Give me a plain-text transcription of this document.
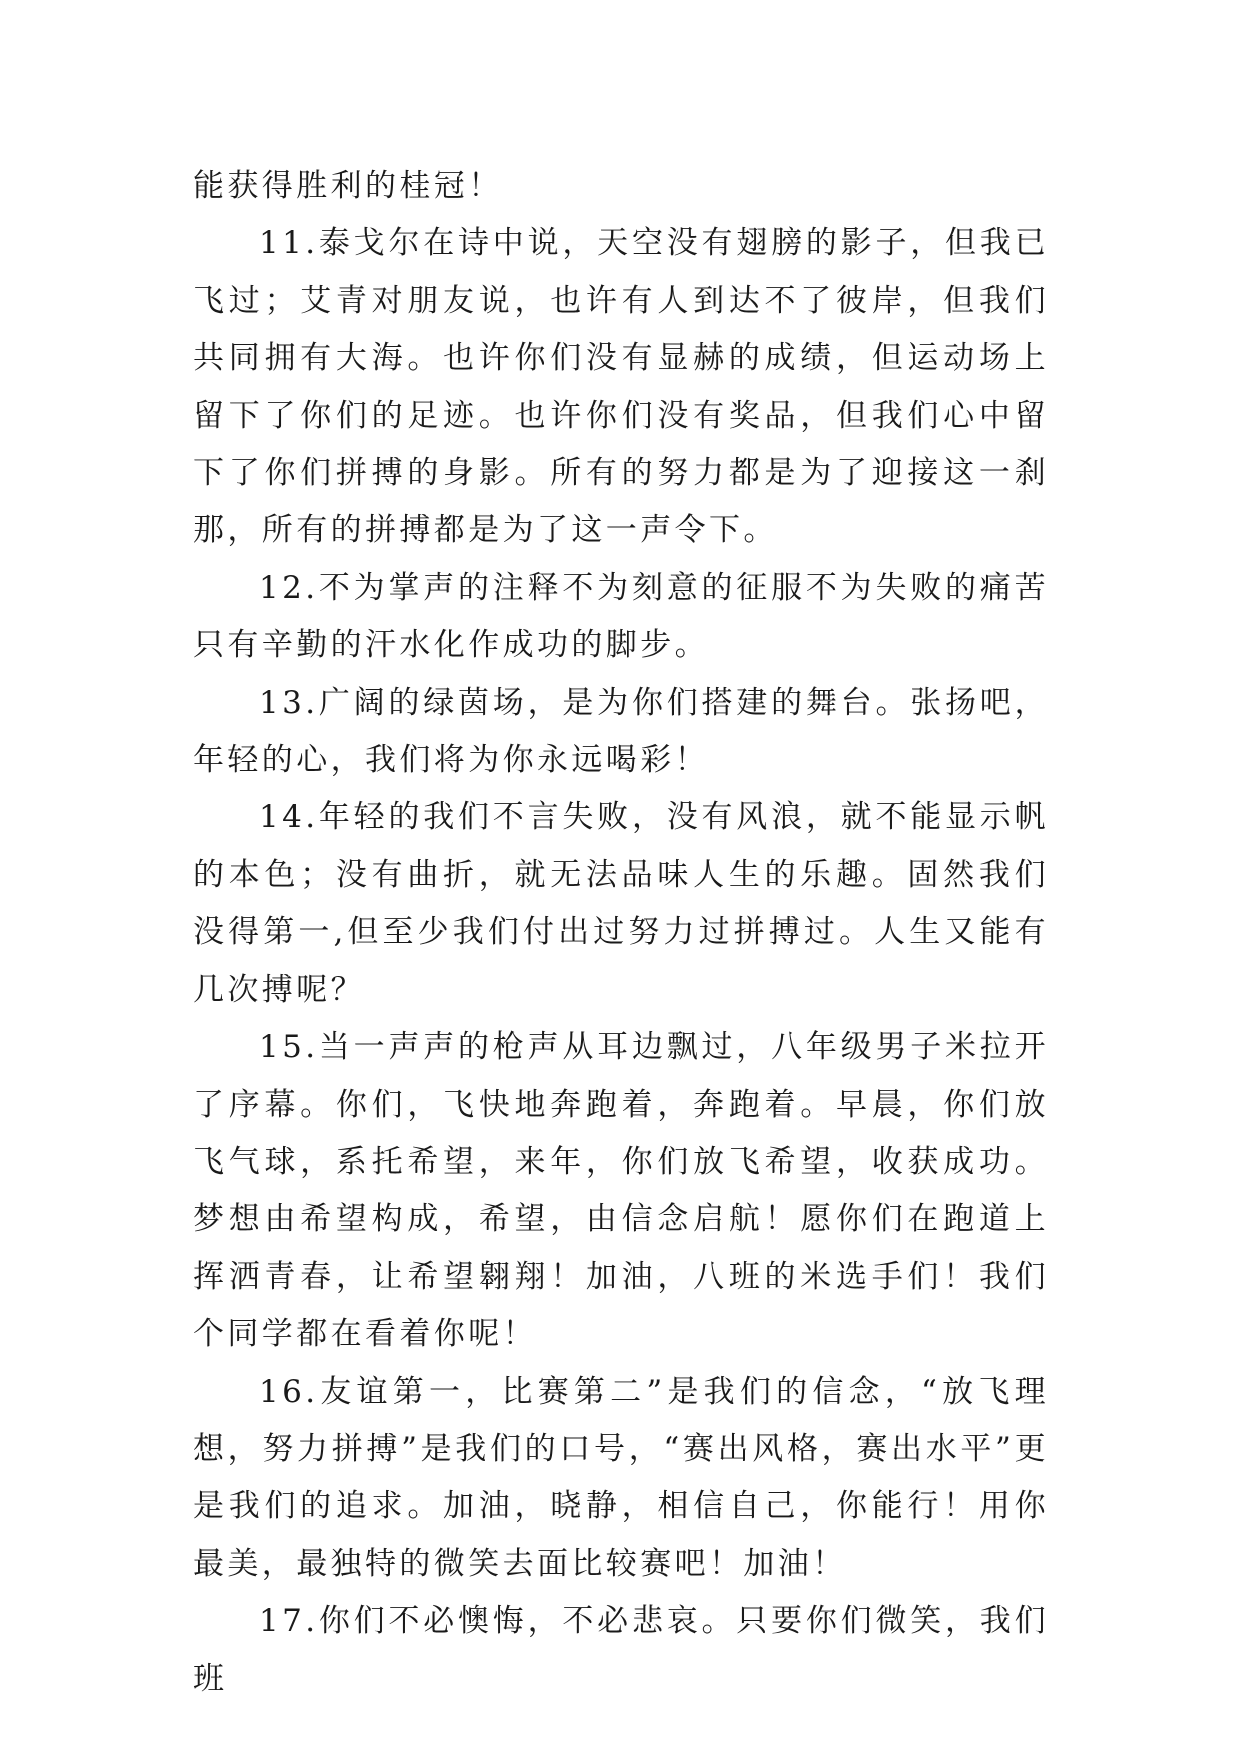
能获得胜利的桂冠！

11.泰戈尔在诗中说，天空没有翅膀的影子，但我已飞过；艾青对朋友说，也许有人到达不了彼岸，但我们共同拥有大海。也许你们没有显赫的成绩，但运动场上留下了你们的足迹。也许你们没有奖品，但我们心中留下了你们拼搏的身影。所有的努力都是为了迎接这一刹那，所有的拼搏都是为了这一声令下。

12.不为掌声的注释不为刻意的征服不为失败的痛苦只有辛勤的汗水化作成功的脚步。

13.广阔的绿茵场，是为你们搭建的舞台。张扬吧，年轻的心，我们将为你永远喝彩！

14.年轻的我们不言失败，没有风浪，就不能显示帆的本色；没有曲折，就无法品味人生的乐趣。固然我们没得第一,但至少我们付出过努力过拼搏过。人生又能有几次搏呢？

15.当一声声的枪声从耳边飘过，八年级男子米拉开了序幕。你们，飞快地奔跑着，奔跑着。早晨，你们放飞气球，系托希望，来年，你们放飞希望，收获成功。梦想由希望构成，希望，由信念启航！愿你们在跑道上挥洒青春，让希望翱翔！加油，八班的米选手们！我们个同学都在看着你呢！

16.友谊第一，比赛第二”是我们的信念，“放飞理想，努力拼搏”是我们的口号，“赛出风格，赛出水平”更是我们的追求。加油，晓静，相信自己，你能行！用你最美，最独特的微笑去面比较赛吧！加油！

17.你们不必懊悔，不必悲哀。只要你们微笑，我们班
